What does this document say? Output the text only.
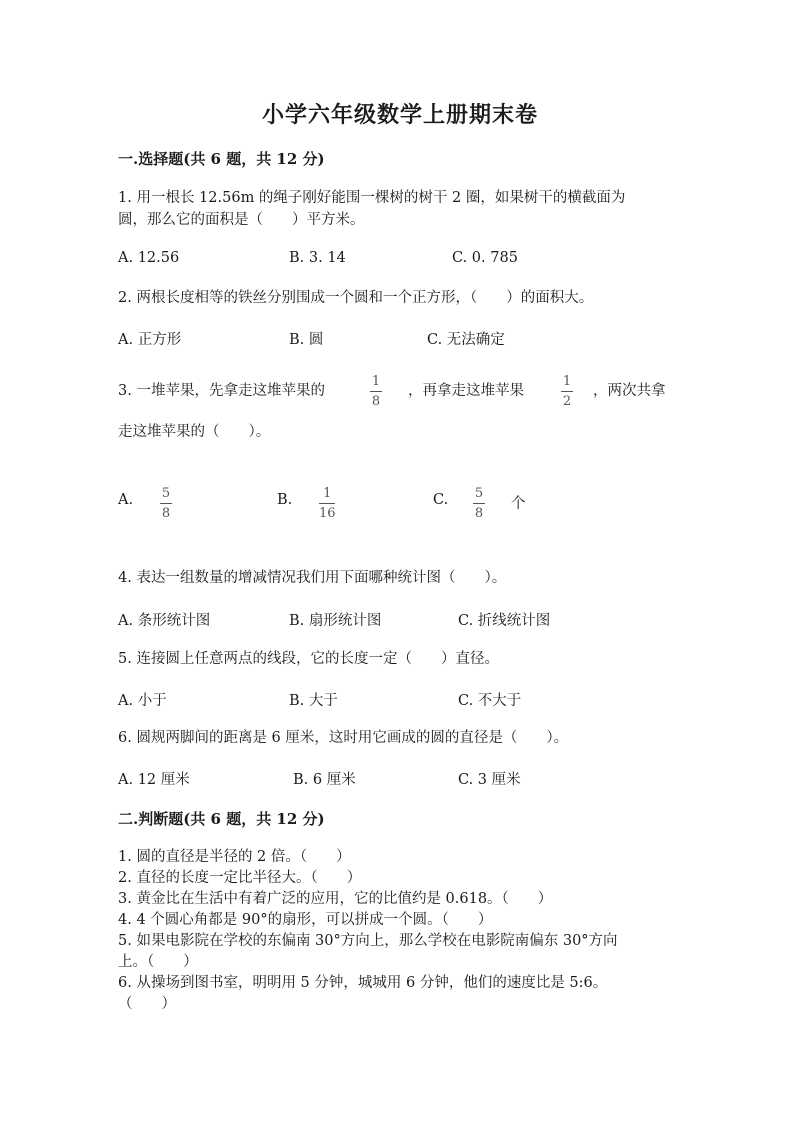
小学六年级数学上册期末卷
一.选择题(共 6 题，共 12 分)
1. 用一根长 12.56m 的绳子刚好能围一棵树的树干 2 圈，如果树干的横截面为
圆，那么它的面积是（　　）平方米。
A. 12.56	B. 3. 14	C. 0. 785
2. 两根长度相等的铁丝分别围成一个圆和一个正方形，（　　）的面积大。
A. 正方形	B. 圆	C. 无法确定
3. 一堆苹果，先拿走这堆苹果的
1
8
，再拿走这堆苹果
1
2
，两次共拿
走这堆苹果的（　　）。
A. 5
8
B. 1
16
C. 5
8
个
4. 表达一组数量的增减情况我们用下面哪种统计图（　　）。
A. 条形统计图	B. 扇形统计图	C. 折线统计图
5. 连接圆上任意两点的线段，它的长度一定（　　）直径。
A. 小于	B. 大于	C. 不大于
6. 圆规两脚间的距离是 6 厘米，这时用它画成的圆的直径是（　　）。
A. 12 厘米	B. 6 厘米	C. 3 厘米
二.判断题(共 6 题，共 12 分)
1. 圆的直径是半径的 2 倍。（　　）
2. 直径的长度一定比半径大。（　　）
3. 黄金比在生活中有着广泛的应用，它的比值约是 0.618。（　　）
4. 4 个圆心角都是 90°的扇形，可以拼成一个圆。（　　）
5. 如果电影院在学校的东偏南 30°方向上，那么学校在电影院南偏东 30°方向
上。（　　）
6. 从操场到图书室，明明用 5 分钟，城城用 6 分钟，他们的速度比是 5:6。
（　　）
